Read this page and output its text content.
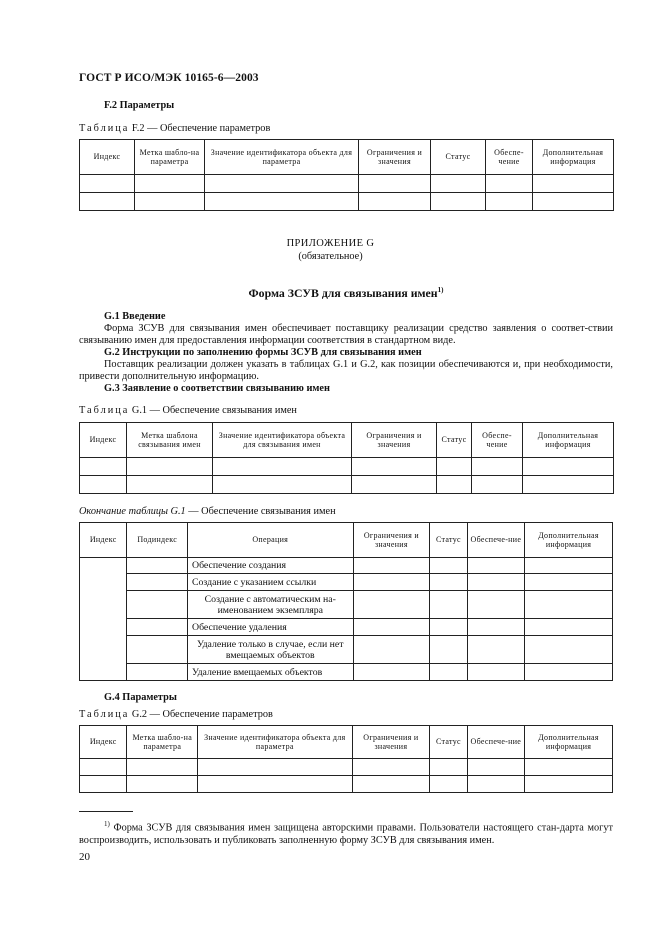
ГОСТ Р ИСО/МЭК 10165-6—2003
F.2 Параметры
Таблица F.2 — Обеспечение параметров
Индекс	Метка шабло-на параметра	Значение идентификатора объекта для параметра	Ограничения и значения	Статус	Обеспе-чение	Дополнительная информация

ПРИЛОЖЕНИЕ G
(обязательное)
Форма ЗСУВ для связывания имен$^{1)}$
G.1 Введение
Форма ЗСУВ для связывания имен обеспечивает поставщику реализации средство заявления о соответ-ствии связыванию имен для предоставления информации соответствия в стандартном виде.
G.2 Инструкции по заполнению формы ЗСУВ для связывания имен
Поставщик реализации должен указать в таблицах G.1 и G.2, как позиции обеспечиваются и, при необходимости, привести дополнительную информацию.
G.3 Заявление о соответствии связыванию имен
Таблица G.1 — Обеспечение связывания имен
Индекс	Метка шаблона связывания имен	Значение идентификатора объекта для связывания имен	Ограничения и значения	Статус	Обеспе-чение	Дополнительная информация

Окончание таблицы G.1 — Обеспечение связывания имен
Индекс	Подиндекс	Операция	Ограничения и значения	Статус	Обеспече-ние	Дополнительная информация
		Обеспечение создания				
		Создание с указанием ссылки				
		Создание с автоматическим на-именованием экземпляра				
		Обеспечение удаления				
		Удаление только в случае, если нет вмещаемых объектов				
		Удаление вмещаемых объектов				
G.4 Параметры
Таблица G.2 — Обеспечение параметров
Индекс	Метка шабло-на параметра	Значение идентификатора объекта для параметра	Ограничения и значения	Статус	Обеспече-ние	Дополнительная информация

$^{1)}$ Форма ЗСУВ для связывания имен защищена авторскими правами. Пользователи настоящего стан-дарта могут воспроизводить, использовать и публиковать заполненную форму ЗСУВ для связывания имен.
20
